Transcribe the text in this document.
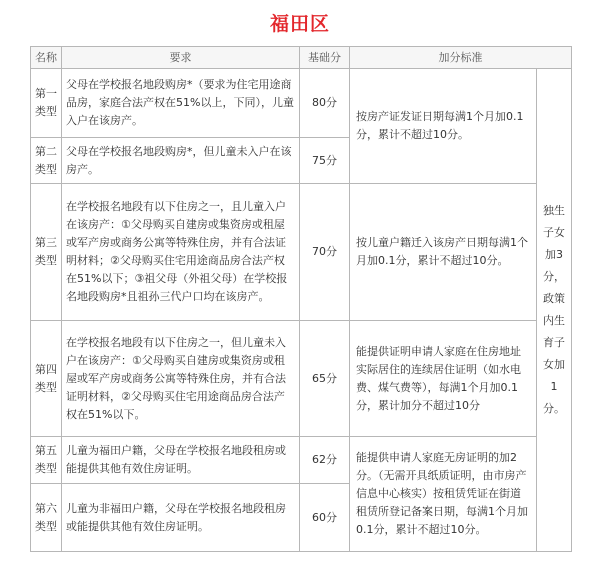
福田区
名称	要求	基础分	加分标准	
第一类型	父母在学校报名地段购房*（要求为住宅用途商品房，家庭合法产权在51%以上，下同），儿童入户在该房产。	80分	按房产证发证日期每满1个月加0.1分，累计不超过10分。	独生子女加3分，政策内生育子女加1分。
第二类型	父母在学校报名地段购房*，但儿童未入户在该房产。	75分		
第三类型	在学校报名地段有以下住房之一，且儿童入户在该房产：①父母购买自建房或集资房或租屋或军产房或商务公寓等特殊住房，并有合法证明材料；②父母购买住宅用途商品房合法产权在51%以下；③祖父母（外祖父母）在学校报名地段购房*且祖孙三代户口均在该房产。	70分	按儿童户籍迁入该房产日期每满1个月加0.1分，累计不超过10分。	
第四类型	在学校报名地段有以下住房之一，但儿童未入户在该房产：①父母购买自建房或集资房或租屋或军产房或商务公寓等特殊住房，并有合法证明材料，②父母购买住宅用途商品房合法产权在51%以下。	65分	能提供证明申请人家庭在住房地址实际居住的连续居住证明（如水电费、煤气费等），每满1个月加0.1分，累计加分不超过10分	
第五类型	儿童为福田户籍，父母在学校报名地段租房或能提供其他有效住房证明。	62分	能提供申请人家庭无房证明的加2分。（无需开具纸质证明，由市房产信息中心核实）按租赁凭证在街道租赁所登记备案日期，每满1个月加0.1分，累计不超过10分。	
第六类型	儿童为非福田户籍，父母在学校报名地段租房或能提供其他有效住房证明。	60分		
